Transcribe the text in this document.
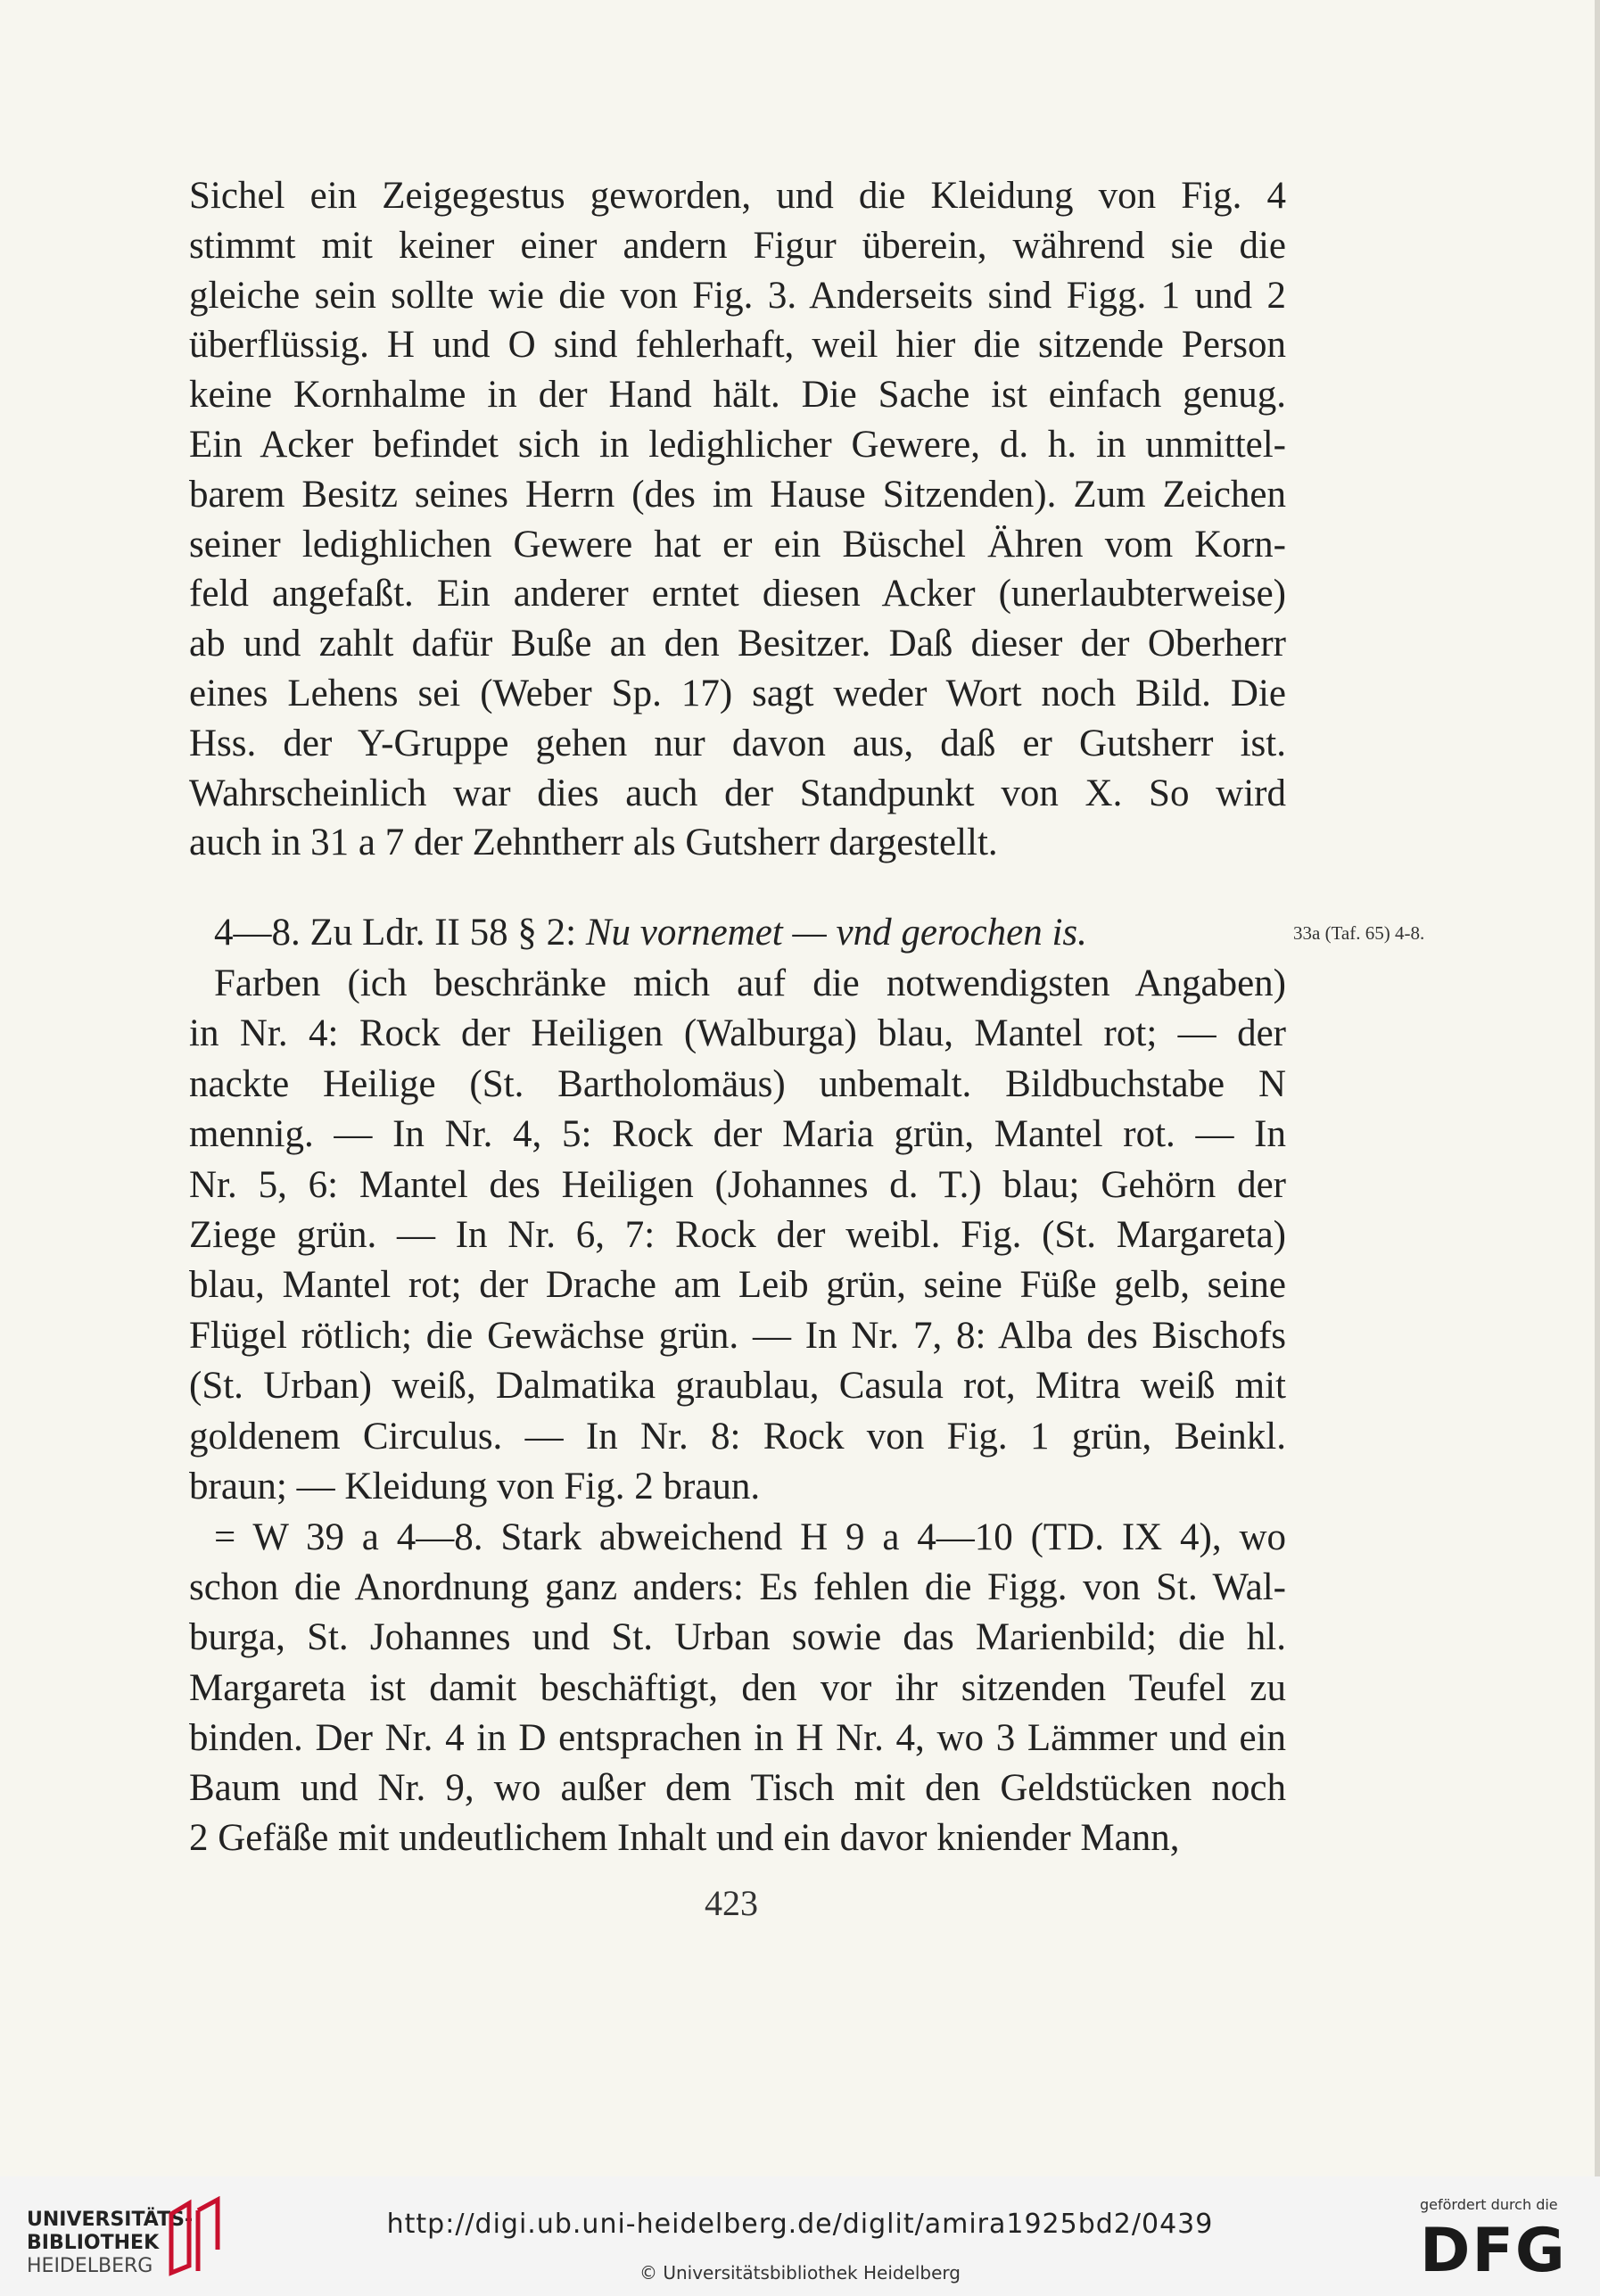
Sichel ein Zeigegestus geworden, und die Kleidung von Fig. 4
stimmt mit keiner einer andern Figur überein, während sie die
gleiche sein sollte wie die von Fig. 3. Anderseits sind Figg. 1 und 2
überflüssig. H und O sind fehlerhaft, weil hier die sitzende Person
keine Kornhalme in der Hand hält. Die Sache ist einfach genug.
Ein Acker befindet sich in ledighlicher Gewere, d. h. in unmittel-
barem Besitz seines Herrn (des im Hause Sitzenden). Zum Zeichen
seiner ledighlichen Gewere hat er ein Büschel Ähren vom Korn-
feld angefaßt. Ein anderer erntet diesen Acker (unerlaubterweise)
ab und zahlt dafür Buße an den Besitzer. Daß dieser der Oberherr
eines Lehens sei (Weber Sp. 17) sagt weder Wort noch Bild. Die
Hss. der Y-Gruppe gehen nur davon aus, daß er Gutsherr ist.
Wahrscheinlich war dies auch der Standpunkt von X. So wird
auch in 31 a 7 der Zehntherr als Gutsherr dargestellt.
4—8. Zu Ldr. II 58 § 2: Nu vornemet — vnd gerochen is.	33a (Taf. 65) 4-8.
Farben (ich beschränke mich auf die notwendigsten Angaben)
in Nr. 4: Rock der Heiligen (Walburga) blau, Mantel rot; — der
nackte Heilige (St. Bartholomäus) unbemalt. Bildbuchstabe N
mennig. — In Nr. 4, 5: Rock der Maria grün, Mantel rot. — In
Nr. 5, 6: Mantel des Heiligen (Johannes d. T.) blau; Gehörn der
Ziege grün. — In Nr. 6, 7: Rock der weibl. Fig. (St. Margareta)
blau, Mantel rot; der Drache am Leib grün, seine Füße gelb, seine
Flügel rötlich; die Gewächse grün. — In Nr. 7, 8: Alba des Bischofs
(St. Urban) weiß, Dalmatika graublau, Casula rot, Mitra weiß mit
goldenem Circulus. — In Nr. 8: Rock von Fig. 1 grün, Beinkl.
braun; — Kleidung von Fig. 2 braun.
= W 39 a 4—8. Stark abweichend H 9 a 4—10 (TD. IX 4), wo
schon die Anordnung ganz anders: Es fehlen die Figg. von St. Wal-
burga, St. Johannes und St. Urban sowie das Marienbild; die hl.
Margareta ist damit beschäftigt, den vor ihr sitzenden Teufel zu
binden. Der Nr. 4 in D entsprachen in H Nr. 4, wo 3 Lämmer und ein
Baum und Nr. 9, wo außer dem Tisch mit den Geldstücken noch
2 Gefäße mit undeutlichem Inhalt und ein davor kniender Mann,
423
UNIVERSITÄTS-
BIBLIOTHEK
HEIDELBERG
http://digi.ub.uni-heidelberg.de/diglit/amira1925bd2/0439
© Universitätsbibliothek Heidelberg
gefördert durch die
DFG
